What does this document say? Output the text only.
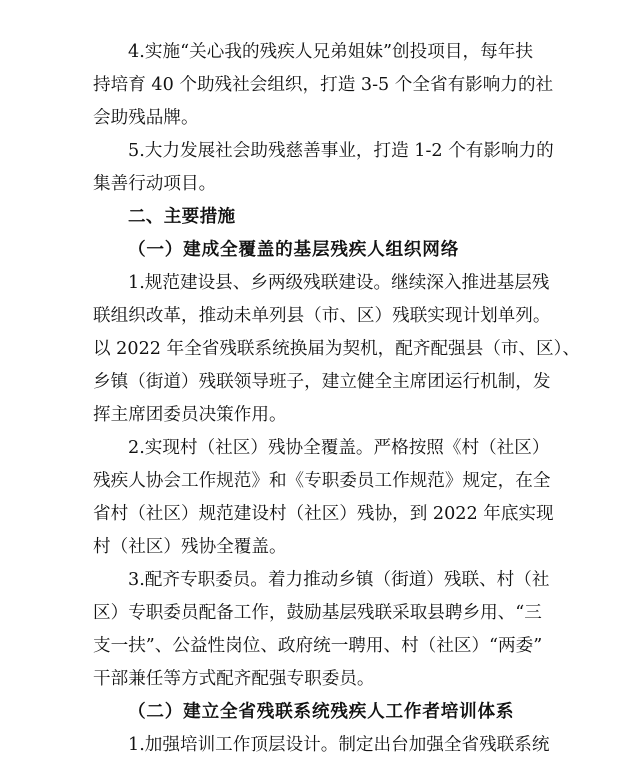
4.实施“关心我的残疾人兄弟姐妹”创投项目，每年扶
持培育 40 个助残社会组织，打造 3-5 个全省有影响力的社
会助残品牌。
5.大力发展社会助残慈善事业，打造 1-2 个有影响力的
集善行动项目。
二、主要措施
（一）建成全覆盖的基层残疾人组织网络
1.规范建设县、乡两级残联建设。继续深入推进基层残
联组织改革，推动未单列县（市、区）残联实现计划单列。
以 2022 年全省残联系统换届为契机，配齐配强县（市、区）、
乡镇（街道）残联领导班子，建立健全主席团运行机制，发
挥主席团委员决策作用。
2.实现村（社区）残协全覆盖。严格按照《村（社区）
残疾人协会工作规范》和《专职委员工作规范》规定，在全
省村（社区）规范建设村（社区）残协，到 2022 年底实现
村（社区）残协全覆盖。
3.配齐专职委员。着力推动乡镇（街道）残联、村（社
区）专职委员配备工作，鼓励基层残联采取县聘乡用、“三
支一扶”、公益性岗位、政府统一聘用、村（社区）“两委”
干部兼任等方式配齐配强专职委员。
（二）建立全省残联系统残疾人工作者培训体系
1.加强培训工作顶层设计。制定出台加强全省残联系统
